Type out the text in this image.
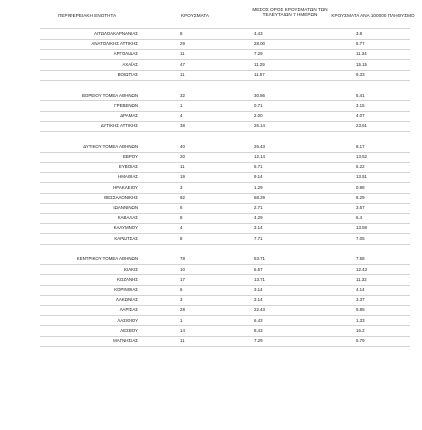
ΠΕΡΙΦΕΡΕΙΑΚΗ ΕΝΟΤΗΤΑ	ΚΡΟΥΣΜΑΤΑ
ΜΕΣΟΣ ΟΡΟΣ ΚΡΟΥΣΜΑΤΩΝ ΤΩΝ ΤΕΛΕΥΤΑΙΩΝ 7 ΗΜΕΡΩΝ	ΚΡΟΥΣΜΑΤΑ ΑΝΑ 100000 ΠΛΗΘΥΣΜΟ
ΑΙΤΩΛΟΑΚΑΡΝΑΝΙΑΣ	8	4.43	3.8
ΑΝΑΤΟΛΙΚΗΣ ΑΤΤΙΚΗΣ	29	28.00	5.77
ΑΡΓΟΛΙΔΑΣ	11	7.29	11.34
ΑΧΑΪΑΣ	47	11.29	15.15
ΒΟΙΩΤΙΑΣ	11	11.57	9.33
ΒΟΡΕΙΟΥ ΤΟΜΕΑ ΑΘΗΝΩΝ	32	30.86	5.41
ΓΡΕΒΕΝΩΝ	1	0.71	3.15
ΔΡΑΜΑΣ	4	2.00	4.07
ΔΥΤΙΚΗΣ ΑΤΤΙΚΗΣ	38	26.14	23.61
ΔΥΤΙΚΟΥ ΤΟΜΕΑ ΑΘΗΝΩΝ	40	26.43	8.17
ΕΒΡΟΥ	20	12.14	13.52
ΕΥΒΟΙΑΣ	11	6.71	5.22
ΗΜΑΘΙΑΣ	19	9.14	13.51
ΗΡΑΚΛΕΙΟΥ	3	1.29	0.98
ΘΕΣΣΑΛΟΝΙΚΗΣ	92	68.29	8.29
ΙΩΑΝΝΙΝΩΝ	6	2.71	3.57
ΚΑΒΑΛΑΣ	8	4.29	6.4
ΚΑΛΥΜΝΟΥ	4	3.14	13.58
ΚΑΡΔΙΤΣΑΣ	8	7.71	7.05
ΚΕΝΤΡΙΚΟΥ ΤΟΜΕΑ ΑΘΗΝΩΝ	78	53.71	7.58
ΚΙΛΚΙΣ	10	6.57	12.43
ΚΟΖΑΝΗΣ	17	13.71	11.32
ΚΟΡΙΝΘΙΑΣ	6	3.14	4.14
ΛΑΚΩΝΙΑΣ	3	3.14	3.37
ΛΑΡΙΣΑΣ	28	22.43	9.85
ΛΑΣΙΘΙΟΥ	1	6.43	1.33
ΛΕΣΒΟΥ	14	8.43	16.2
ΜΑΓΝΗΣΙΑΣ	11	7.29	5.79
